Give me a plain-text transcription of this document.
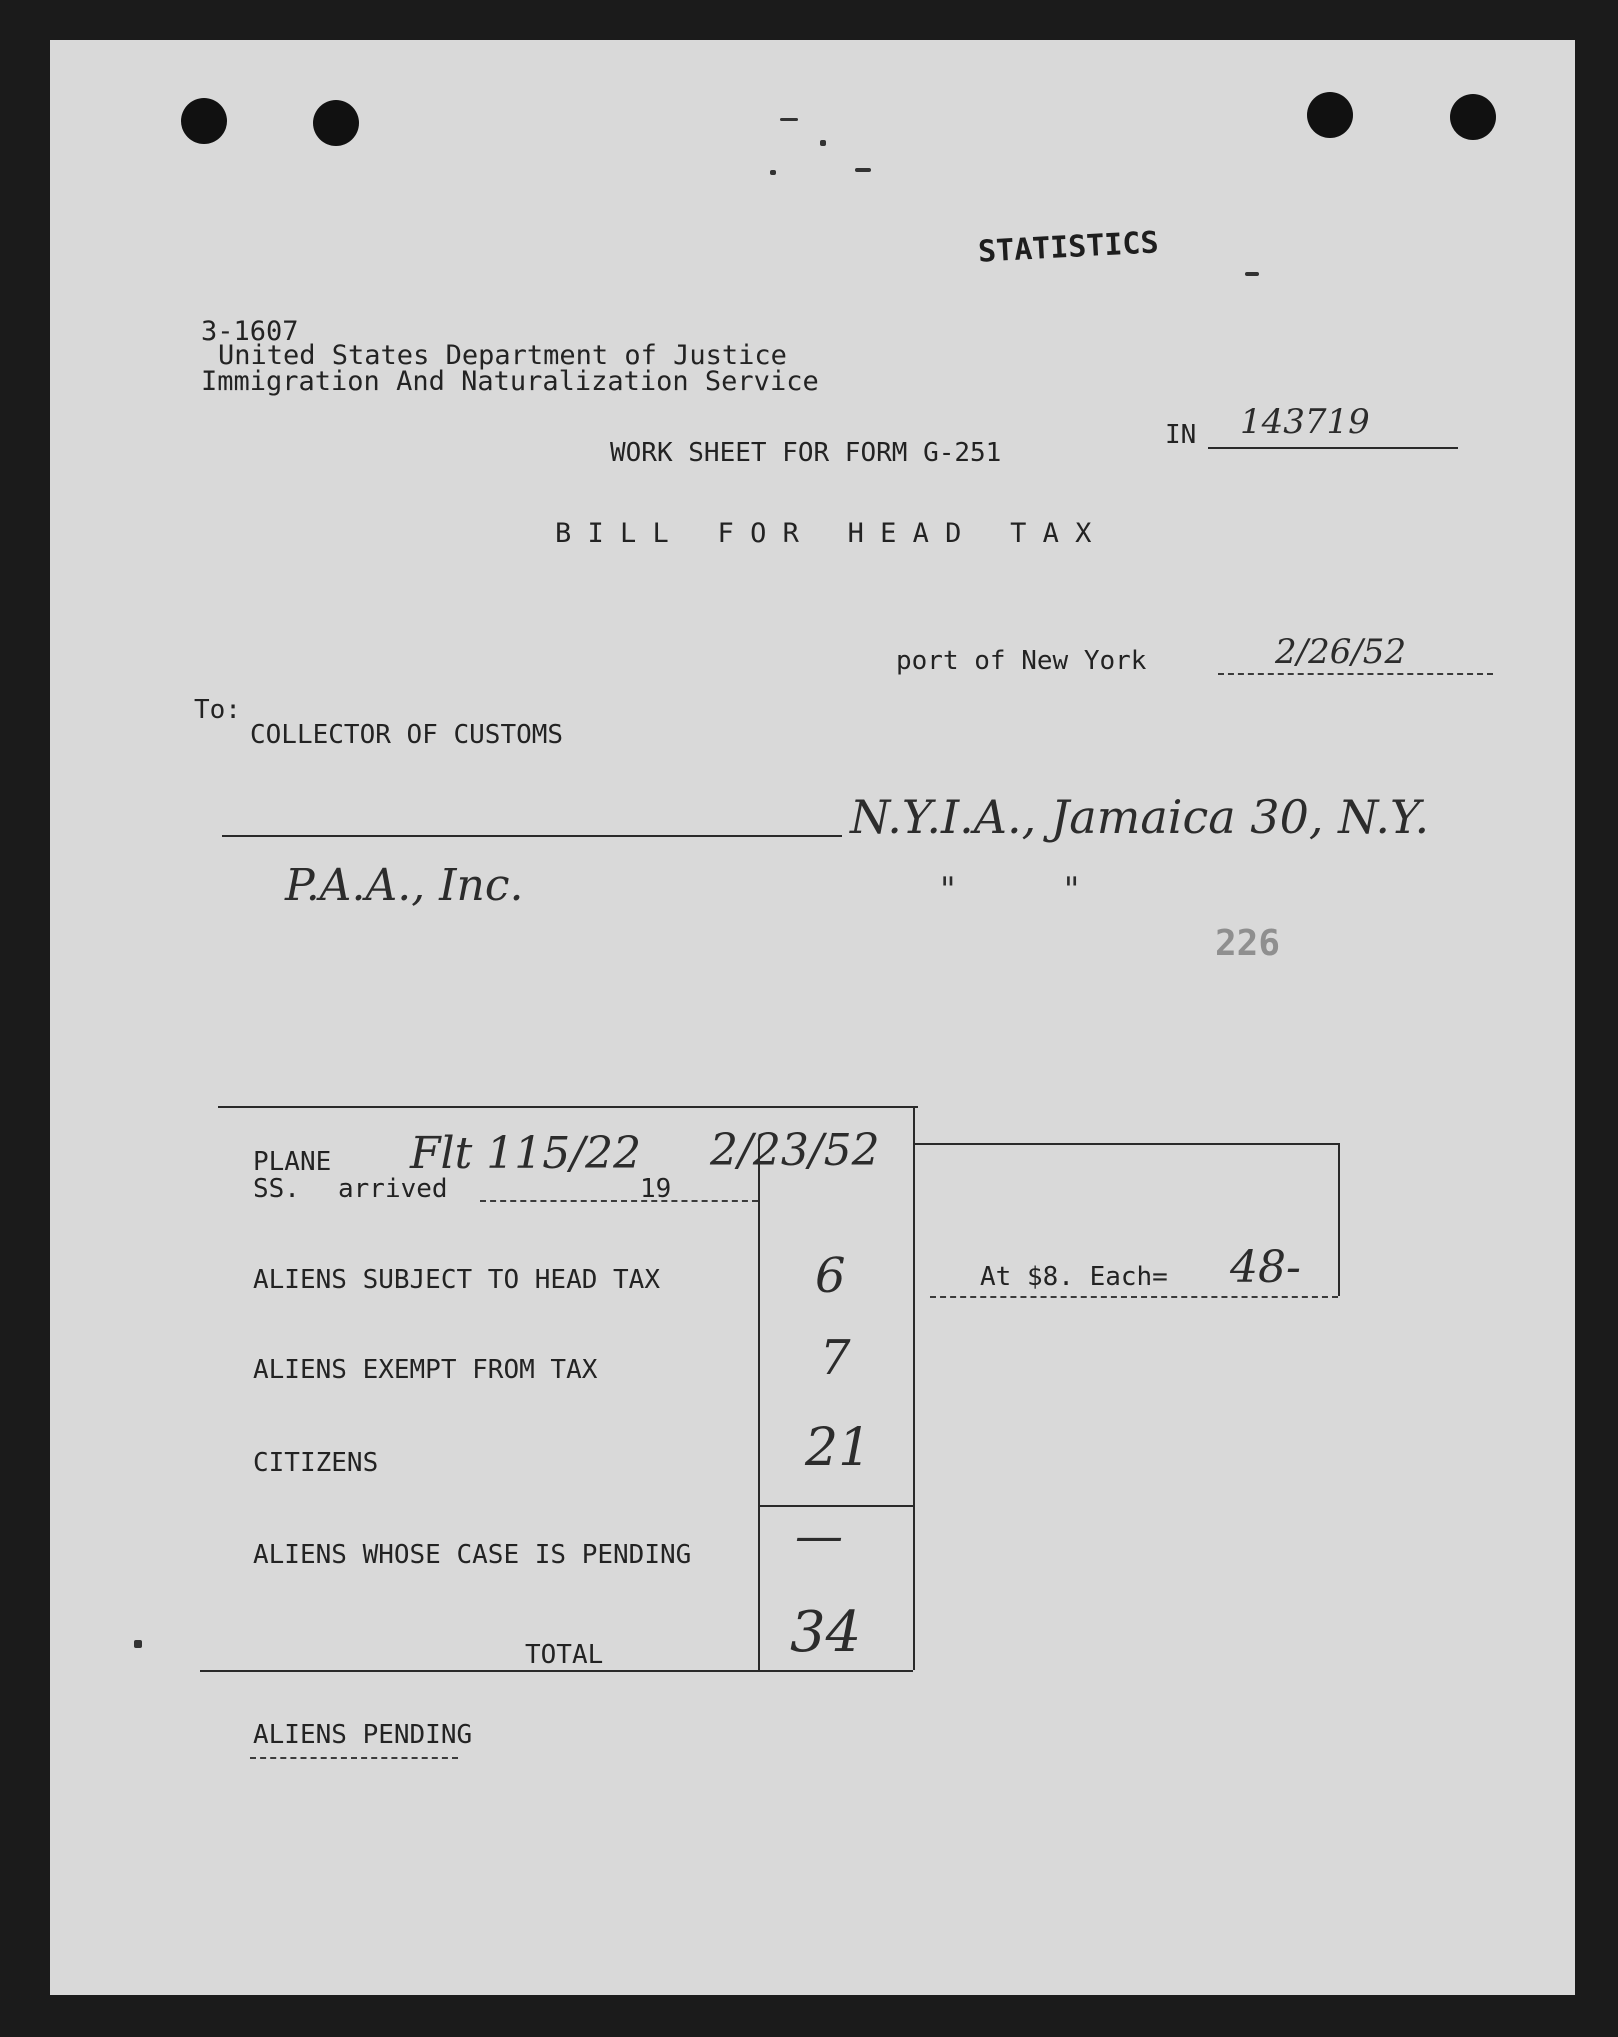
STATISTICS
3-1607
United States Department of Justice
Immigration And Naturalization Service
WORK SHEET FOR FORM G-251
IN 143719
B I L L   F O R   H E A D   T A X
port of New York	2/26/52
To:
COLLECTOR OF CUSTOMS
N.Y.I.A., Jamaica 30, N.Y.
P.A.A., Inc.	"          "
226
PLANE
SS. arrived	19
Flt 115/22 2/23/52
ALIENS SUBJECT TO HEAD TAX	6	At $8. Each= 48-
ALIENS EXEMPT FROM TAX	7
CITIZENS	21
ALIENS WHOSE CASE IS PENDING —
TOTAL	34
ALIENS PENDING
